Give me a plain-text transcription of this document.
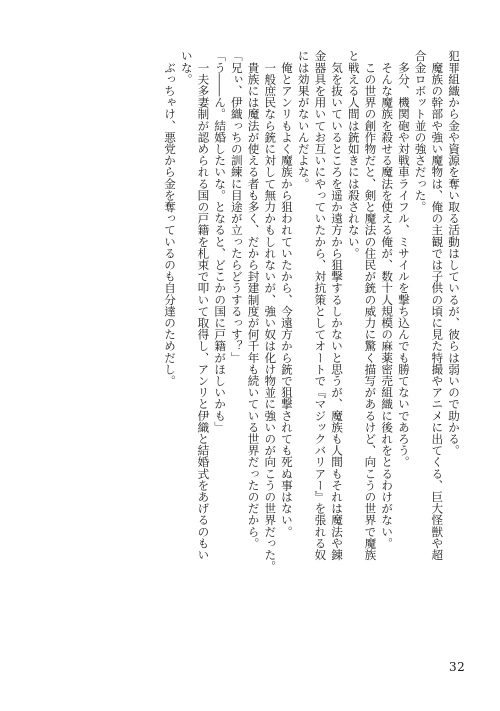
犯罪組織から金や資源を奪い取る活動はしているが、彼らは弱いので助かる。
　魔族の幹部や強い魔物は、俺の主観では子供の頃に見た特撮やアニメに出てくる、巨大怪獣や超
合金ロボット並の強さだった。
　多分、機関砲や対戦車ライフル、ミサイルを撃ち込んでも勝てないであろう。
　そんな魔族を殺せる魔法を使える俺が、数十人規模の麻薬密売組織に後れをとるわけがない。
　この世界の創作物だと、剣と魔法の住民が銃の威力に驚く描写があるけど、向こうの世界で魔族
と戦える人間は銃如きには殺されない。
　気を抜いているところを遥か遠方から狙撃するしかないと思うが、魔族も人間もそれは魔法や錬
金器具を用いてお互いにやっていたから、対抗策としてオートで『マジックバリアー』を張れる奴
には効果がないんだよな。
　俺とアンリもよく魔族から狙われていたから、今遠方から銃で狙撃されても死ぬ事はない。
　一般庶民なら銃に対して無力かもしれないが、強い奴は化け物並に強いのが向こうの世界だった。
　貴族には魔法が使える者も多く、だから封建制度が何千年も続いている世界だったのだから。
「兄ぃ、伊織っちの訓練に目途が立ったらどうするっす？」
「う――ん。結婚したいな。となると、どこかの国に戸籍がほしいかも」
　一夫多妻制が認められる国の戸籍を札束で叩いて取得し、アンリと伊織と結婚式をあげるのもい
いな。
　ぶっちゃけ、悪党から金を奪っているのも自分達のためだし。
32
